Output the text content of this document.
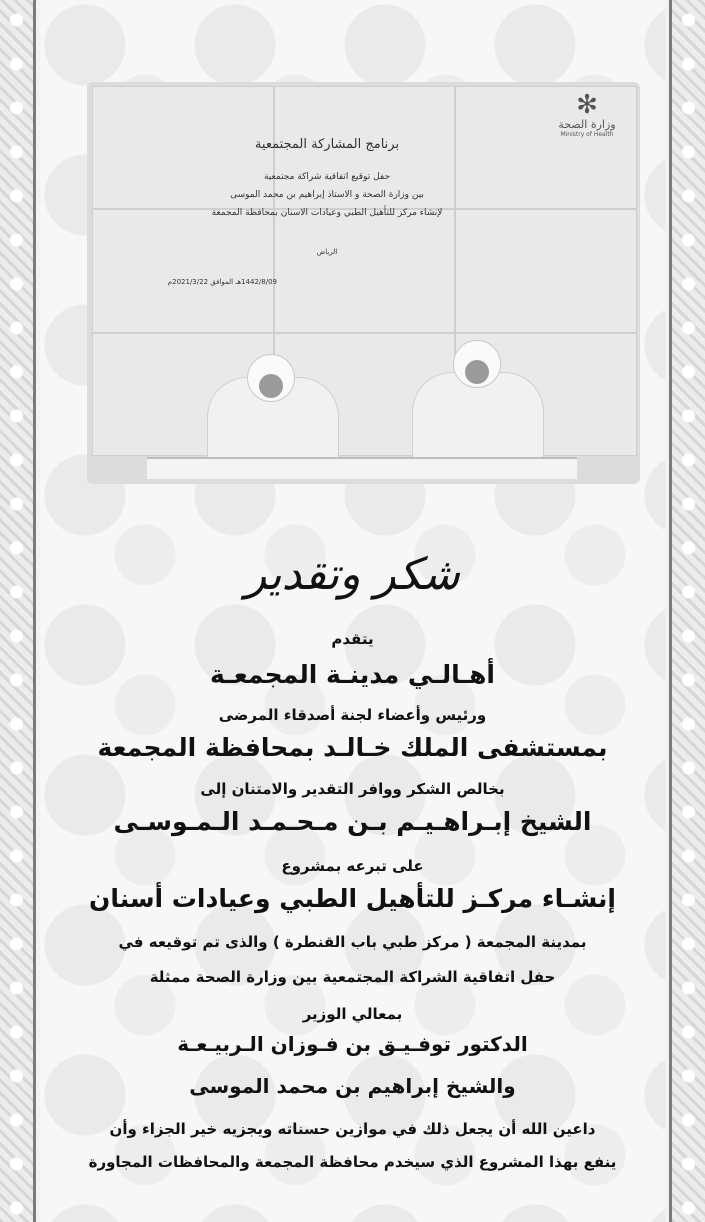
✻
وزارة الصحة
Ministry of Health
برنامج المشاركة المجتمعية
حفل توقيع اتفاقية شراكة مجتمعية
بين وزارة الصحة و الاستاذ إبراهيم بن محمد الموسى
لإنشاء مركز للتأهيل الطبي وعيادات الاسنان بمحافظة المجمعة
الرياض
1442/8/09هـ الموافق 2021/3/22م
شكر وتقدير
يتقدم
أهـالـي مدينـة المجمعـة
ورئيس وأعضاء لجنة أصدقاء المرضى
بمستشفى الملك خـالـد بمحافظة المجمعة
بخالص الشكر ووافر التقدير والامتنان إلى
الشيخ إبـراهـيـم بـن مـحـمـد الـمـوسـى
على تبرعه بمشروع
إنشـاء مركـز للتأهيل الطبي وعيادات أسنان
بمدينة المجمعة ( مركز طبي باب القنطرة ) والذى تم توقيعه في
حفل اتفاقية الشراكة المجتمعية بين وزارة الصحة ممثلة
بمعالي الوزير
الدكتور توفـيـق بن فـوزان الـربيـعـة
والشيخ إبراهيم بن محمد الموسى
داعين الله أن يجعل ذلك في موازين حسناته ويجزيه خير الجزاء وأن
ينفع بهذا المشروع الذي سيخدم محافظة المجمعة والمحافظات المجاورة
